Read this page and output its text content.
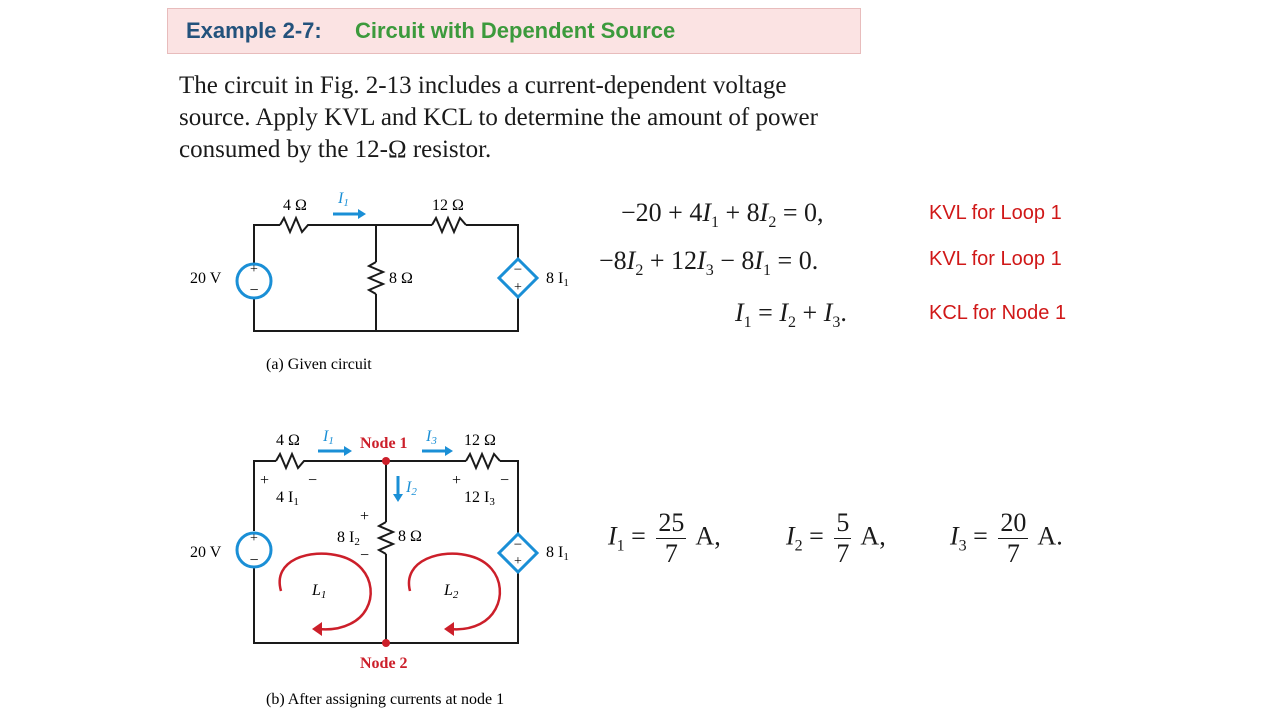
Example 2-7: Circuit with Dependent Source
The circuit in Fig. 2-13 includes a current-dependent voltage
source. Apply KVL and KCL to determine the amount of power
consumed by the 12-Ω resistor.
+
−
−
+
I1
4 Ω	12 Ω
8 Ω
20 V	8 I1
(a) Given circuit
$-20 + 4I_1 + 8I_2 = 0$,	KVL for Loop 1
$-8I_2 + 12I_3 - 8I_1 = 0$.	KVL for Loop 1
$I_1 = I_2 + I_3$.	KCL for Node 1
+
−
−
+
I1	I3
I2
Node 1
Node 2
4 Ω	12 Ω
8 Ω
20 V	8 I1
+ −
4 I1
+ −
12 I3
+
8 I2
−
L1	L2
(b) After assigning currents at node 1
$I_1 = \frac{25}{7} A$,	$I_2 = \frac{5}{7} A$, $I_3 = \frac{20}{7} A$.
